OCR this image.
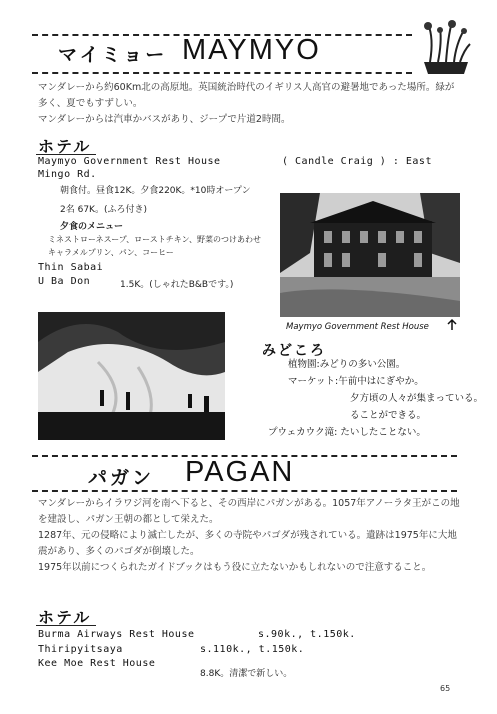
マイミョー MAYMYO
マンダレーから約60Km北の高原地。英国統治時代のイギリス人高官の避暑地であった場所。緑が多く、夏でもすずしい。
マンダレーからは汽車かバスがあり、ジープで片道2時間。
ホテル
Maymyo Government Rest House	( Candle Craig ) : East
Mingo Rd.
朝食付。昼食12K。夕食220K。*10時オープン
2名 67K。(ふろ付き)
夕食のメニュー
ミネストローネスープ、ローストチキン、野菜のつけあわせ
キャラメルプリン、パン、コーヒー
Thin Sabai
U Ba Don	1.5K。(しゃれたB&Bです。)
Maymyo Government Rest House
みどころ
植物園:みどりの多い公園。
マーケット:午前中はにぎやか。
夕方頃の人々が集まっている。
ることができる。
プウェカウク滝: たいしたことない。
パガン PAGAN
マンダレーからイラワジ河を南へ下ると、その西岸にパガンがある。1057年アノーラタ王がこの地を建設し、パガン王朝の都として栄えた。
1287年、元の侵略により滅亡したが、多くの寺院やパゴダが残されている。遺跡は1975年に大地震があり、多くのパゴダが倒壊した。
1975年以前につくられたガイドブックはもう役に立たないかもしれないので注意すること。
ホテル
Burma Airways Rest House	s.90k., t.150k.
Thiripyitsaya	s.110k., t.150k.
Kee Moe Rest House
8.8K。清潔で新しい。
65
